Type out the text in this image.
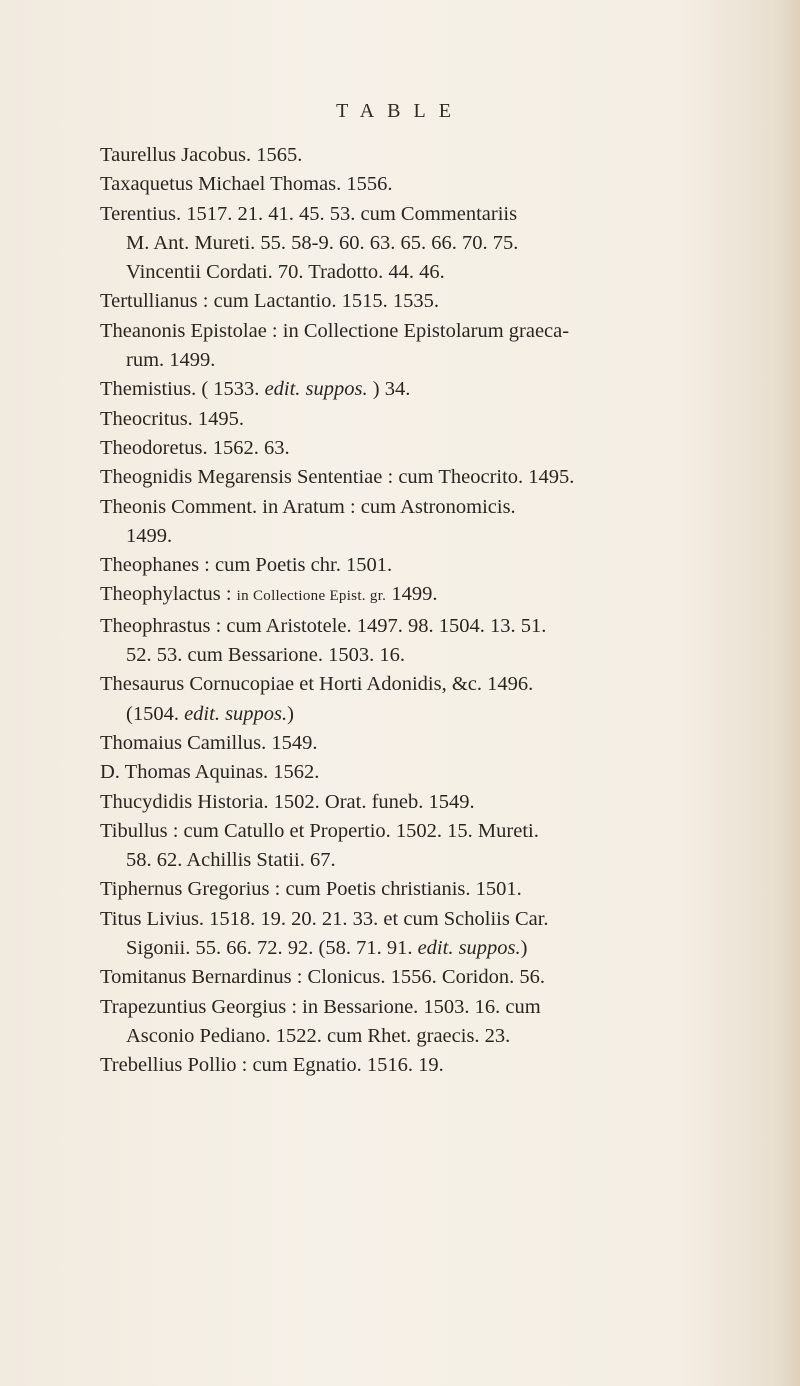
TABLE
Taurellus Jacobus. 1565.
Taxaquetus Michael Thomas. 1556.
Terentius. 1517. 21. 41. 45. 53. cum Commentariis
M. Ant. Mureti. 55. 58-9. 60. 63. 65. 66. 70. 75.
Vincentii Cordati. 70. Tradotto. 44. 46.
Tertullianus : cum Lactantio. 1515. 1535.
Theanonis Epistolae : in Collectione Epistolarum graeca-
rum. 1499.
Themistius. ( 1533. edit. suppos. ) 34.
Theocritus. 1495.
Theodoretus. 1562. 63.
Theognidis Megarensis Sententiae : cum Theocrito. 1495.
Theonis Comment. in Aratum : cum Astronomicis.
1499.
Theophanes : cum Poetis chr. 1501.
Theophylactus : in Collectione Epist. gr. 1499.
Theophrastus : cum Aristotele. 1497. 98. 1504. 13. 51.
52. 53. cum Bessarione. 1503. 16.
Thesaurus Cornucopiae et Horti Adonidis, &c. 1496.
(1504. edit. suppos.)
Thomaius Camillus. 1549.
D. Thomas Aquinas. 1562.
Thucydidis Historia. 1502. Orat. funeb. 1549.
Tibullus : cum Catullo et Propertio. 1502. 15. Mureti.
58. 62. Achillis Statii. 67.
Tiphernus Gregorius : cum Poetis christianis. 1501.
Titus Livius. 1518. 19. 20. 21. 33. et cum Scholiis Car.
Sigonii. 55. 66. 72. 92. (58. 71. 91. edit. suppos.)
Tomitanus Bernardinus : Clonicus. 1556. Coridon. 56.
Trapezuntius Georgius : in Bessarione. 1503. 16. cum
Asconio Pediano. 1522. cum Rhet. graecis. 23.
Trebellius Pollio : cum Egnatio. 1516. 19.
